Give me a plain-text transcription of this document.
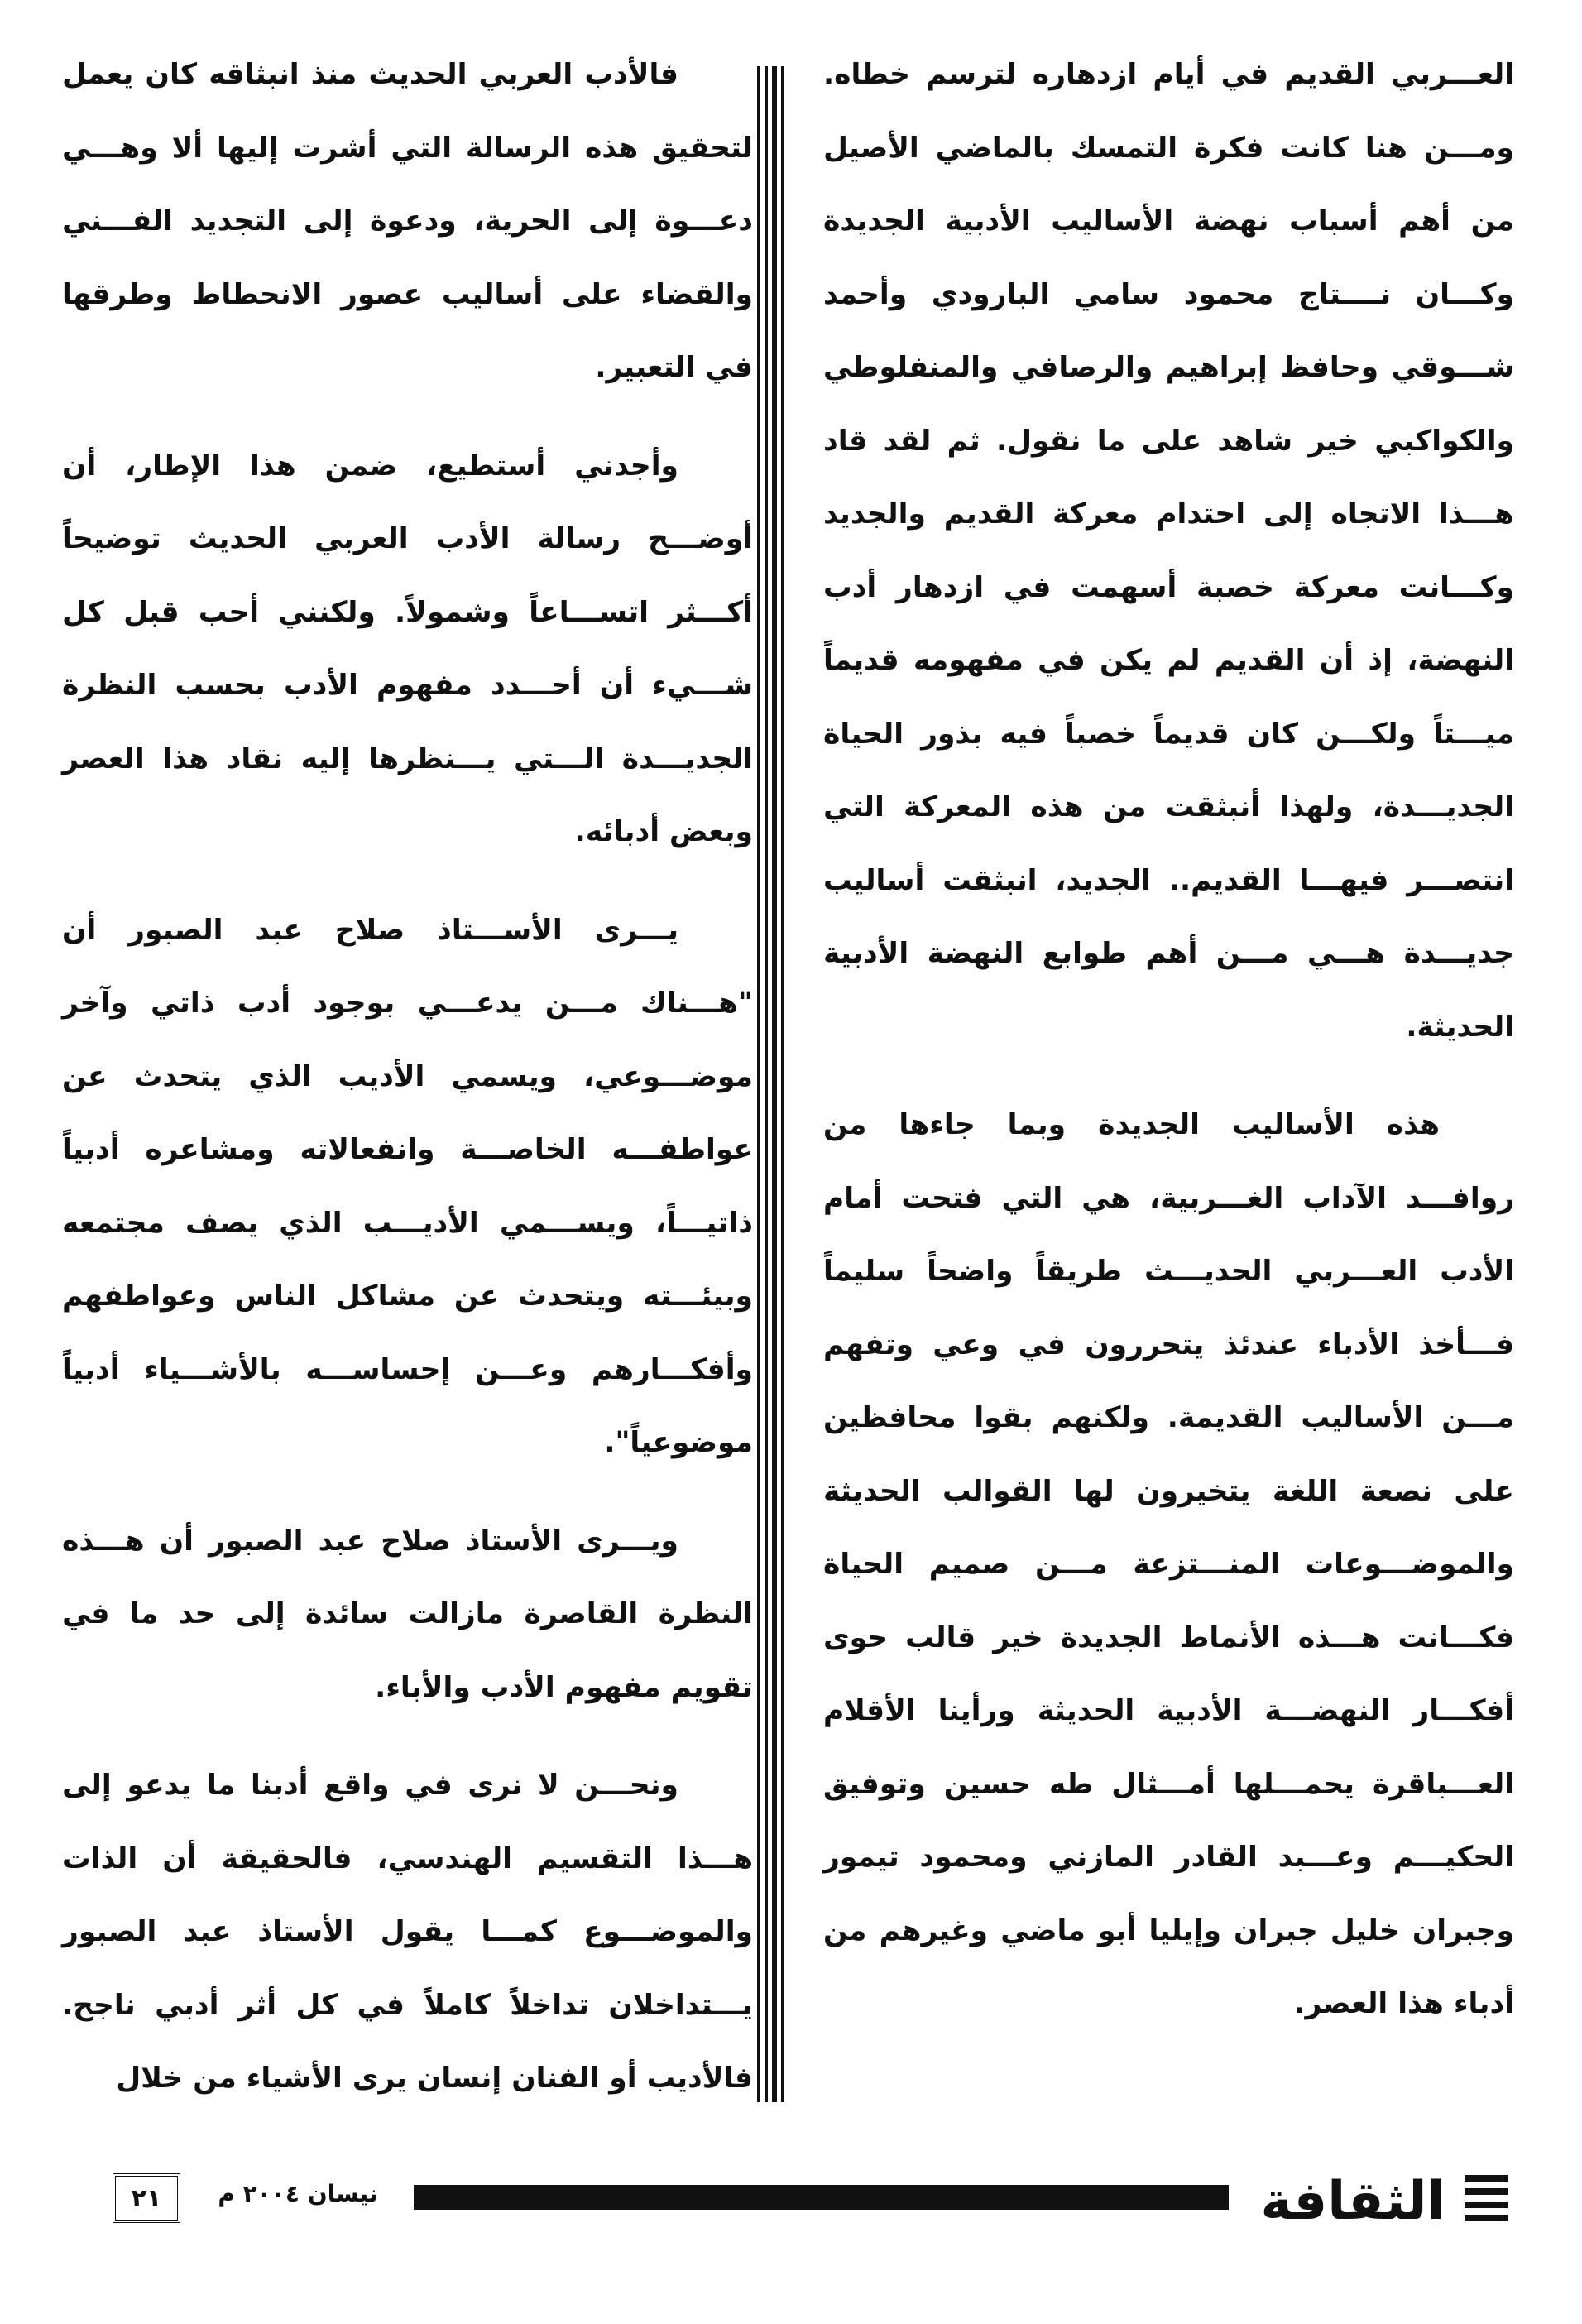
العـــربي القديم في أيام ازدهاره لترسم خطاه. ومـــن هنا كانت فكرة التمسك بالماضي الأصيل من أهم أسباب نهضة الأساليب الأدبية الجديدة وكـــان نــــتاج محمود سامي البارودي وأحمد شـــوقي وحافظ إبراهيم والرصافي والمنفلوطي والكواكبي خير شاهد على ما نقول. ثم لقد قاد هـــذا الاتجاه إلى احتدام معركة القديم والجديد وكـــانت معركة خصبة أسهمت في ازدهار أدب النهضة، إذ أن القديم لم يكن في مفهومه قديماً ميـــتاً ولكـــن كان قديماً خصباً فيه بذور الحياة الجديـــدة، ولهذا أنبثقت من هذه المعركة التي انتصـــر فيهـــا القديم.. الجديد، انبثقت أساليب جديـــدة هـــي مـــن أهم طوابع النهضة الأدبية الحديثة.

هذه الأساليب الجديدة وبما جاءها من روافـــد الآداب الغـــربية، هي التي فتحت أمام الأدب العـــربي الحديـــث طريقاً واضحاً سليماً فـــأخذ الأدباء عندئذ يتحررون في وعي وتفهم مـــن الأساليب القديمة. ولكنهم بقوا محافظين على نصعة اللغة يتخيرون لها القوالب الحديثة والموضـــوعات المنـــتزعة مـــن صميم الحياة فكـــانت هـــذه الأنماط الجديدة خير قالب حوى أفكـــار النهضـــة الأدبية الحديثة ورأينا الأقلام العـــباقرة يحمـــلها أمـــثال طه حسين وتوفيق الحكيـــم وعـــبد القادر المازني ومحمود تيمور وجبران خليل جبران وإيليا أبو ماضي وغيرهم من أدباء هذا العصر.

فالأدب العربي الحديث منذ انبثاقه كان يعمل لتحقيق هذه الرسالة التي أشرت إليها ألا وهـــي دعـــوة إلى الحرية، ودعوة إلى التجديد الفـــني والقضاء على أساليب عصور الانحطاط وطرقها في التعبير.

وأجدني أستطيع، ضمن هذا الإطار، أن أوضـــح رسالة الأدب العربي الحديث توضيحاً أكـــثر اتســـاعاً وشمولاً. ولكنني أحب قبل كل شـــيء أن أحـــدد مفهوم الأدب بحسب النظرة الجديـــدة الـــتي يـــنظرها إليه نقاد هذا العصر وبعض أدبائه.

يـــرى الأســـتاذ صلاح عبد الصبور أن "هـــناك مـــن يدعـــي بوجود أدب ذاتي وآخر موضـــوعي، ويسمي الأديب الذي يتحدث عن عواطفـــه الخاصـــة وانفعالاته ومشاعره أدبياً ذاتيـــاً، ويســـمي الأديـــب الذي يصف مجتمعه وبيئـــته ويتحدث عن مشاكل الناس وعواطفهم وأفكـــارهم وعـــن إحساســـه بالأشـــياء أدبياً موضوعياً".

ويـــرى الأستاذ صلاح عبد الصبور أن هـــذه النظرة القاصرة مازالت سائدة إلى حد ما في تقويم مفهوم الأدب والأباء.

ونحـــن لا نرى في واقع أدبنا ما يدعو إلى هـــذا التقسيم الهندسي، فالحقيقة أن الذات والموضـــوع كمـــا يقول الأستاذ عبد الصبور يـــتداخلان تداخلاً كاملاً في كل أثر أدبي ناجح. فالأديب أو الفنان إنسان يرى الأشياء من خلال

٢١	نيسان ٢٠٠٤ م	الثقافة
